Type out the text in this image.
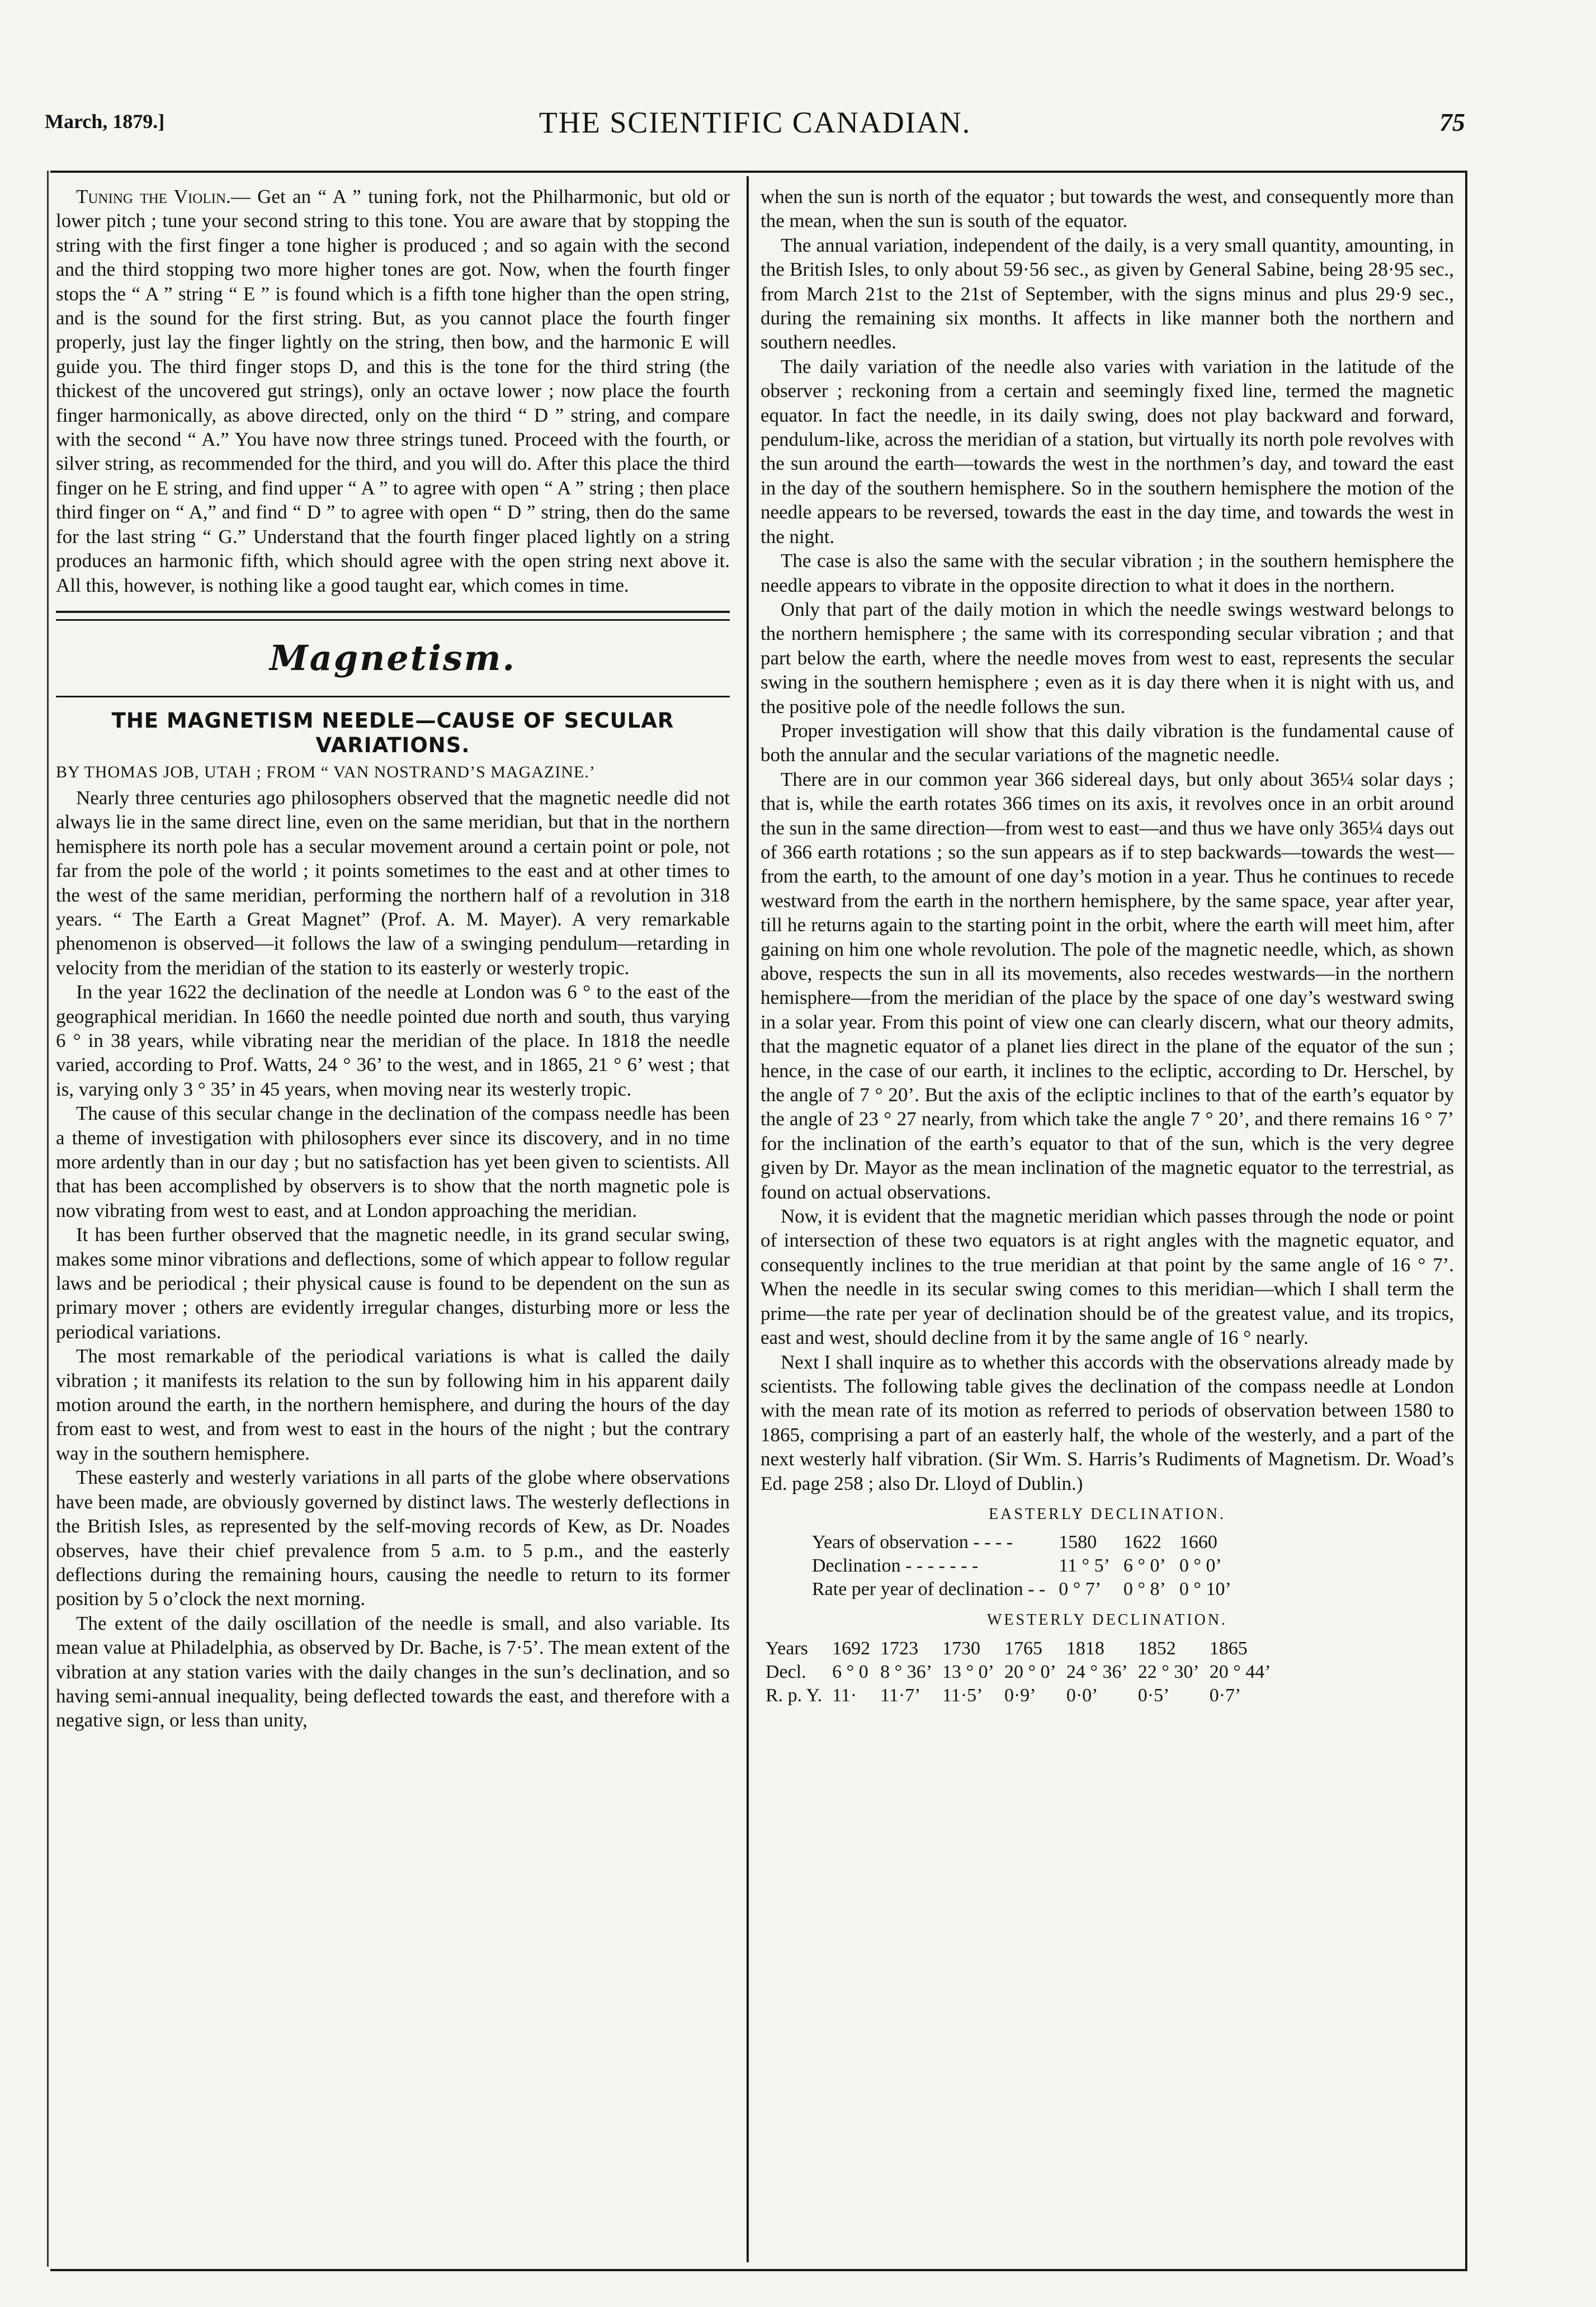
March, 1879.]	THE SCIENTIFIC CANADIAN.	75

Tuning the Violin.— Get an “ A ” tuning fork, not the Philharmonic, but old or lower pitch ; tune your second string to this tone. You are aware that by stopping the string with the first finger a tone higher is produced ; and so again with the second and the third stopping two more higher tones are got. Now, when the fourth finger stops the “ A ” string “ E ” is found which is a fifth tone higher than the open string, and is the sound for the first string. But, as you cannot place the fourth finger properly, just lay the finger lightly on the string, then bow, and the harmonic E will guide you. The third finger stops D, and this is the tone for the third string (the thickest of the uncovered gut strings), only an octave lower ; now place the fourth finger harmonically, as above directed, only on the third “ D ” string, and compare with the second “ A.” You have now three strings tuned. Proceed with the fourth, or silver string, as recommended for the third, and you will do. After this place the third finger on he E string, and find upper “ A ” to agree with open “ A ” string ; then place third finger on “ A,” and find “ D ” to agree with open “ D ” string, then do the same for the last string “ G.” Understand that the fourth finger placed lightly on a string produces an harmonic fifth, which should agree with the open string next above it. All this, however, is nothing like a good taught ear, which comes in time.

Magnetism.
THE MAGNETISM NEEDLE—CAUSE OF SECULAR VARIATIONS.
BY THOMAS JOB, UTAH ; FROM “ VAN NOSTRAND’S MAGAZINE.’

Nearly three centuries ago philosophers observed that the magnetic needle did not always lie in the same direct line, even on the same meridian, but that in the northern hemisphere its north pole has a secular movement around a certain point or pole, not far from the pole of the world ; it points sometimes to the east and at other times to the west of the same meridian, performing the northern half of a revolution in 318 years. “ The Earth a Great Magnet” (Prof. A. M. Mayer). A very remarkable phenomenon is observed—it follows the law of a swinging pendulum—retarding in velocity from the meridian of the station to its easterly or westerly tropic.

In the year 1622 the declination of the needle at London was 6 ° to the east of the geographical meridian. In 1660 the needle pointed due north and south, thus varying 6 ° in 38 years, while vibrating near the meridian of the place. In 1818 the needle varied, according to Prof. Watts, 24 ° 36’ to the west, and in 1865, 21 ° 6’ west ; that is, varying only 3 ° 35’ in 45 years, when moving near its westerly tropic.

The cause of this secular change in the declination of the compass needle has been a theme of investigation with philosophers ever since its discovery, and in no time more ardently than in our day ; but no satisfaction has yet been given to scientists. All that has been accomplished by observers is to show that the north magnetic pole is now vibrating from west to east, and at London approaching the meridian.

It has been further observed that the magnetic needle, in its grand secular swing, makes some minor vibrations and deflections, some of which appear to follow regular laws and be periodical ; their physical cause is found to be dependent on the sun as primary mover ; others are evidently irregular changes, disturbing more or less the periodical variations.

The most remarkable of the periodical variations is what is called the daily vibration ; it manifests its relation to the sun by following him in his apparent daily motion around the earth, in the northern hemisphere, and during the hours of the day from east to west, and from west to east in the hours of the night ; but the contrary way in the southern hemisphere.

These easterly and westerly variations in all parts of the globe where observations have been made, are obviously governed by distinct laws. The westerly deflections in the British Isles, as represented by the self-moving records of Kew, as Dr. Noades observes, have their chief prevalence from 5 a.m. to 5 p.m., and the easterly deflections during the remaining hours, causing the needle to return to its former position by 5 o’clock the next morning.

The extent of the daily oscillation of the needle is small, and also variable. Its mean value at Philadelphia, as observed by Dr. Bache, is 7·5’. The mean extent of the vibration at any station varies with the daily changes in the sun’s declination, and so having semi-annual inequality, being deflected towards the east, and therefore with a negative sign, or less than unity,

when the sun is north of the equator ; but towards the west, and consequently more than the mean, when the sun is south of the equator.

The annual variation, independent of the daily, is a very small quantity, amounting, in the British Isles, to only about 59·56 sec., as given by General Sabine, being 28·95 sec., from March 21st to the 21st of September, with the signs minus and plus 29·9 sec., during the remaining six months. It affects in like manner both the northern and southern needles.

The daily variation of the needle also varies with variation in the latitude of the observer ; reckoning from a certain and seemingly fixed line, termed the magnetic equator. In fact the needle, in its daily swing, does not play backward and forward, pendulum-like, across the meridian of a station, but virtually its north pole revolves with the sun around the earth—towards the west in the northmen’s day, and toward the east in the day of the southern hemisphere. So in the southern hemisphere the motion of the needle appears to be reversed, towards the east in the day time, and towards the west in the night.

The case is also the same with the secular vibration ; in the southern hemisphere the needle appears to vibrate in the opposite direction to what it does in the northern.

Only that part of the daily motion in which the needle swings westward belongs to the northern hemisphere ; the same with its corresponding secular vibration ; and that part below the earth, where the needle moves from west to east, represents the secular swing in the southern hemisphere ; even as it is day there when it is night with us, and the positive pole of the needle follows the sun.

Proper investigation will show that this daily vibration is the fundamental cause of both the annular and the secular variations of the magnetic needle.

There are in our common year 366 sidereal days, but only about 365¼ solar days ; that is, while the earth rotates 366 times on its axis, it revolves once in an orbit around the sun in the same direction—from west to east—and thus we have only 365¼ days out of 366 earth rotations ; so the sun appears as if to step backwards—towards the west—from the earth, to the amount of one day’s motion in a year. Thus he continues to recede westward from the earth in the northern hemisphere, by the same space, year after year, till he returns again to the starting point in the orbit, where the earth will meet him, after gaining on him one whole revolution. The pole of the magnetic needle, which, as shown above, respects the sun in all its movements, also recedes westwards—in the northern hemisphere—from the meridian of the place by the space of one day’s westward swing in a solar year. From this point of view one can clearly discern, what our theory admits, that the magnetic equator of a planet lies direct in the plane of the equator of the sun ; hence, in the case of our earth, it inclines to the ecliptic, according to Dr. Herschel, by the angle of 7 ° 20’. But the axis of the ecliptic inclines to that of the earth’s equator by the angle of 23 ° 27 nearly, from which take the angle 7 ° 20’, and there remains 16 ° 7’ for the inclination of the earth’s equator to that of the sun, which is the very degree given by Dr. Mayor as the mean inclination of the magnetic equator to the terrestrial, as found on actual observations.

Now, it is evident that the magnetic meridian which passes through the node or point of intersection of these two equators is at right angles with the magnetic equator, and consequently inclines to the true meridian at that point by the same angle of 16 ° 7’. When the needle in its secular swing comes to this meridian—which I shall term the prime—the rate per year of declination should be of the greatest value, and its tropics, east and west, should decline from it by the same angle of 16 ° nearly.

Next I shall inquire as to whether this accords with the observations already made by scientists. The following table gives the declination of the compass needle at London with the mean rate of its motion as referred to periods of observation between 1580 to 1865, comprising a part of an easterly half, the whole of the westerly, and a part of the next westerly half vibration. (Sir Wm. S. Harris’s Rudiments of Magnetism. Dr. Woad’s Ed. page 258 ; also Dr. Lloyd of Dublin.)

EASTERLY DECLINATION.
Years of observation - - - -	1580	1622	1660
Declination - - - - - - -	11 ° 5’	6 ° 0’	0 ° 0’
Rate per year of declination - -	0 ° 7’	0 ° 8’	0 ° 10’
WESTERLY DECLINATION.
Years	1692	1723	1730	1765	1818	1852	1865
Decl.	6 ° 0	8 ° 36’	13 ° 0’	20 ° 0’	24 ° 36’	22 ° 30’	20 ° 44’
R. p. Y.	11·	11·7’	11·5’	0·9’	0·0’	0·5’	0·7’
